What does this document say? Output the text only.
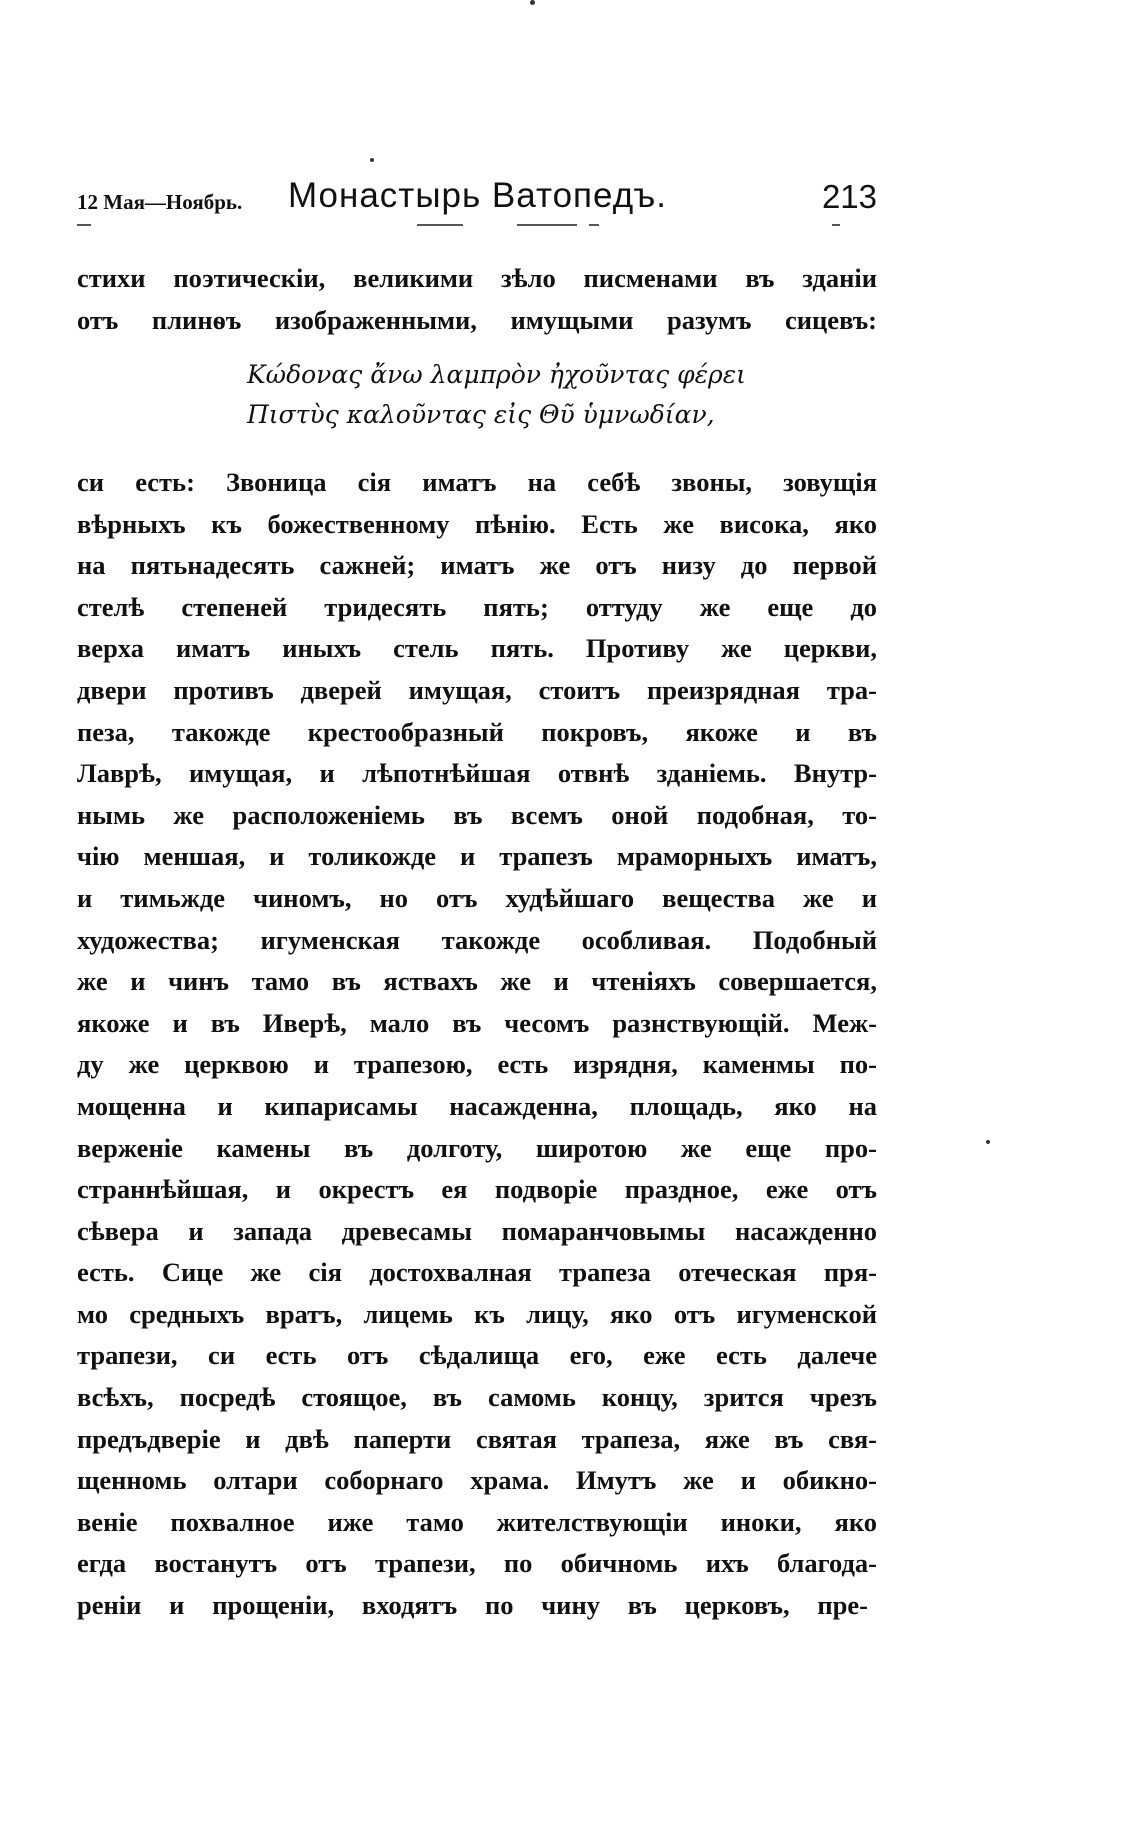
12 Мая—Ноябрь. Монастырь Ватопедъ.	213
стихи поэтическіи, великими зѣло писменами въ зданіи
отъ плинѳъ изображенными, имущыми разумъ сицевъ:
Κώδονας ἄνω λαμπρὸν ἠχοῦντας φέρει
Πιστὺς καλοῦντας εἰς Θῦ ὑμνωδίαν,
си есть: Звоница сія иматъ на себѣ звоны, зовущія
вѣрныхъ къ божественному пѣнію. Есть же висока, яко
на пятьнадесять сажней; иматъ же отъ низу до первой
стелѣ степеней тридесять пять; оттуду же еще до
верха иматъ иныхъ стель пять. Противу же церкви,
двери противъ дверей имущая, стоитъ преизрядная тра-
пеза, такожде крестообразный покровъ, якоже и въ
Лаврѣ, имущая, и лѣпотнѣйшая отвнѣ зданіемь. Внутр-
нымь же расположеніемь въ всемъ оной подобная, то-
чію меншая, и толикожде и трапезъ мраморныхъ иматъ,
и тимьжде чиномъ, но отъ худѣйшаго вещества же и
художества; игуменская такожде особливая. Подобный
же и чинъ тамо въ яствахъ же и чтеніяхъ совершается,
якоже и въ Иверѣ, мало въ чесомъ разнствующій. Меж-
ду же церквою и трапезою, есть изрядня, каменмы по-
мощенна и кипарисамы насажденна, площадь, яко на
верженіе камены въ долготу, широтою же еще про-
страннѣйшая, и окрестъ ея подворіе праздное, еже отъ
сѣвера и запада древесамы помаранчовымы насажденно
есть. Сице же сія достохвалная трапеза отеческая пря-
мо средныхъ вратъ, лицемь къ лицу, яко отъ игуменской
трапези, си есть отъ сѣдалища его, еже есть далече
всѣхъ, посредѣ стоящое, въ самомь концу, зрится чрезъ
предъдверіе и двѣ паперти святая трапеза, яже въ свя-
щенномь олтари соборнаго храма. Имутъ же и обикно-
веніе похвалное иже тамо жителствующіи иноки, яко
егда востанутъ отъ трапези, по обичномь ихъ благода-
реніи и прощеніи, входятъ по чину въ церковъ, пре-
